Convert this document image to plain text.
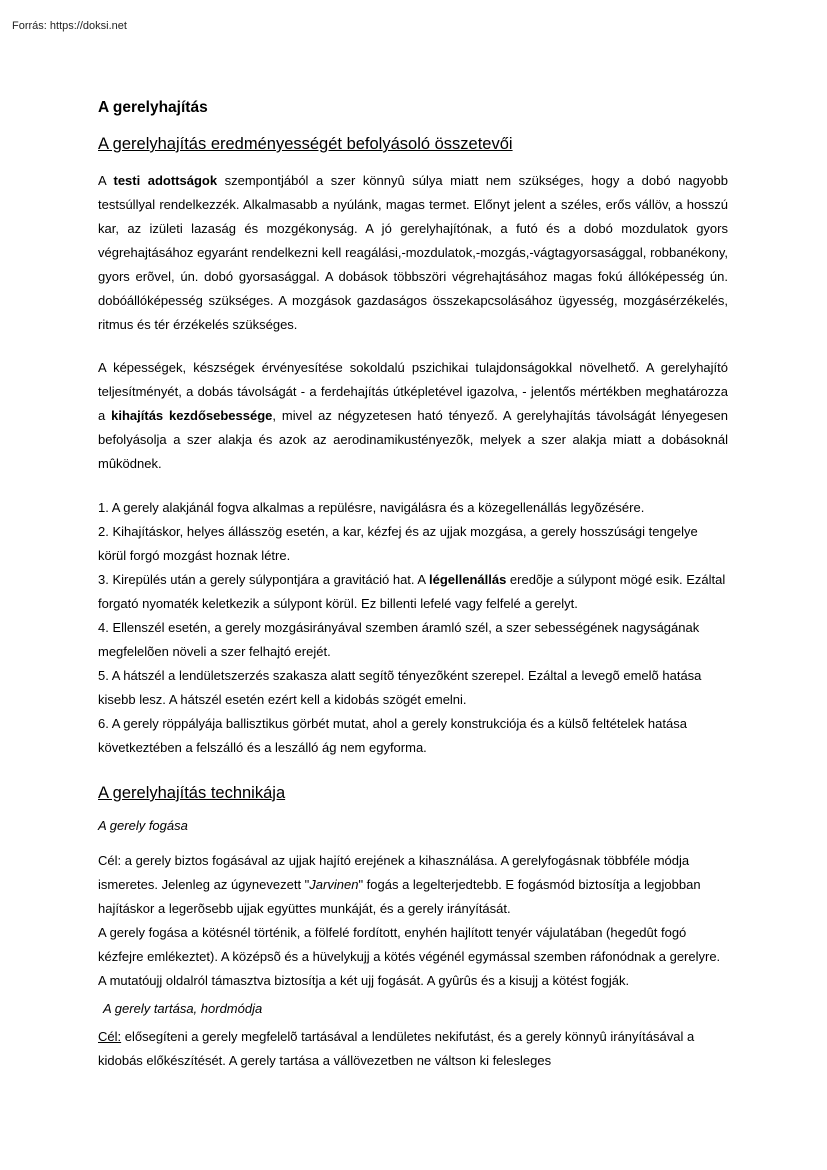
Forrás: https://doksi.net
A gerelyhajítás
A gerelyhajítás eredményességét befolyásoló összetevői

A testi adottságok szempontjából a szer könnyû súlya miatt nem szükséges, hogy a dobó nagyobb testsúllyal rendelkezzék. Alkalmasabb a nyúlánk, magas termet. Előnyt jelent a széles, erős vállöv, a hosszú kar, az izületi lazaság és mozgékonyság. A jó gerelyhajítónak, a futó és a dobó mozdulatok gyors végrehajtásához egyaránt rendelkezni kell reagálási,-mozdulatok,-mozgás,-vágtagyorsasággal, robbanékony, gyors erõvel, ún. dobó gyorsasággal. A dobások többszöri végrehajtásához magas fokú állóképesség ún. dobóállóképesség szükséges. A mozgások gazdaságos összekapcsolásához ügyesség, mozgásérzékelés, ritmus és tér érzékelés szükséges.

A képességek, készségek érvényesítése sokoldalú pszichikai tulajdonságokkal növelhető. A gerelyhajító teljesítményét, a dobás távolságát - a ferdehajítás útképletével igazolva, - jelentős mértékben meghatározza a kihajítás kezdősebessége, mivel az négyzetesen ható tényező. A gerelyhajítás távolságát lényegesen befolyásolja a szer alakja és azok az aerodinamikustényezõk, melyek a szer alakja miatt a dobásoknál mûködnek.

1. A gerely alakjánál fogva alkalmas a repülésre, navigálásra és a közegellenállás legyõzésére.

2. Kihajításkor, helyes állásszög esetén, a kar, kézfej és az ujjak mozgása, a gerely hosszúsági tengelye körül forgó mozgást hoznak létre.

3. Kirepülés után a gerely súlypontjára a gravitáció hat. A légellenállás eredõje a súlypont mögé esik. Ezáltal forgató nyomaték keletkezik a súlypont körül. Ez billenti lefelé vagy felfelé a gerelyt.

4. Ellenszél esetén, a gerely mozgásirányával szemben áramló szél, a szer sebességének nagyságának megfelelõen növeli a szer felhajtó erejét.

5. A hátszél a lendületszerzés szakasza alatt segítõ tényezõként szerepel. Ezáltal a levegõ emelõ hatása kisebb lesz. A hátszél esetén ezért kell a kidobás szögét emelni.

6. A gerely röppályája ballisztikus görbét mutat, ahol a gerely konstrukciója és a külsõ feltételek hatása következtében a felszálló és a leszálló ág nem egyforma.

A gerelyhajítás technikája
A gerely fogása

Cél: a gerely biztos fogásával az ujjak hajító erejének a kihasználása. A gerelyfogásnak többféle módja ismeretes. Jelenleg az úgynevezett "Jarvinen" fogás a legelterjedtebb. E fogásmód biztosítja a legjobban hajításkor a legerõsebb ujjak együttes munkáját, és a gerely irányítását.

A gerely fogása a kötésnél történik, a fölfelé fordított, enyhén hajlított tenyér vájulatában (hegedût fogó kézfejre emlékeztet). A középsõ és a hüvelykujj a kötés végénél egymással szemben ráfonódnak a gerelyre. A mutatóujj oldalról támasztva biztosítja a két ujj fogását. A gyûrûs és a kisujj a kötést fogják.

A gerely tartása, hordmódja

Cél: elősegíteni a gerely megfelelõ tartásával a lendületes nekifutást, és a gerely könnyû irányításával a kidobás előkészítését. A gerely tartása a vállövezetben ne váltson ki felesleges
